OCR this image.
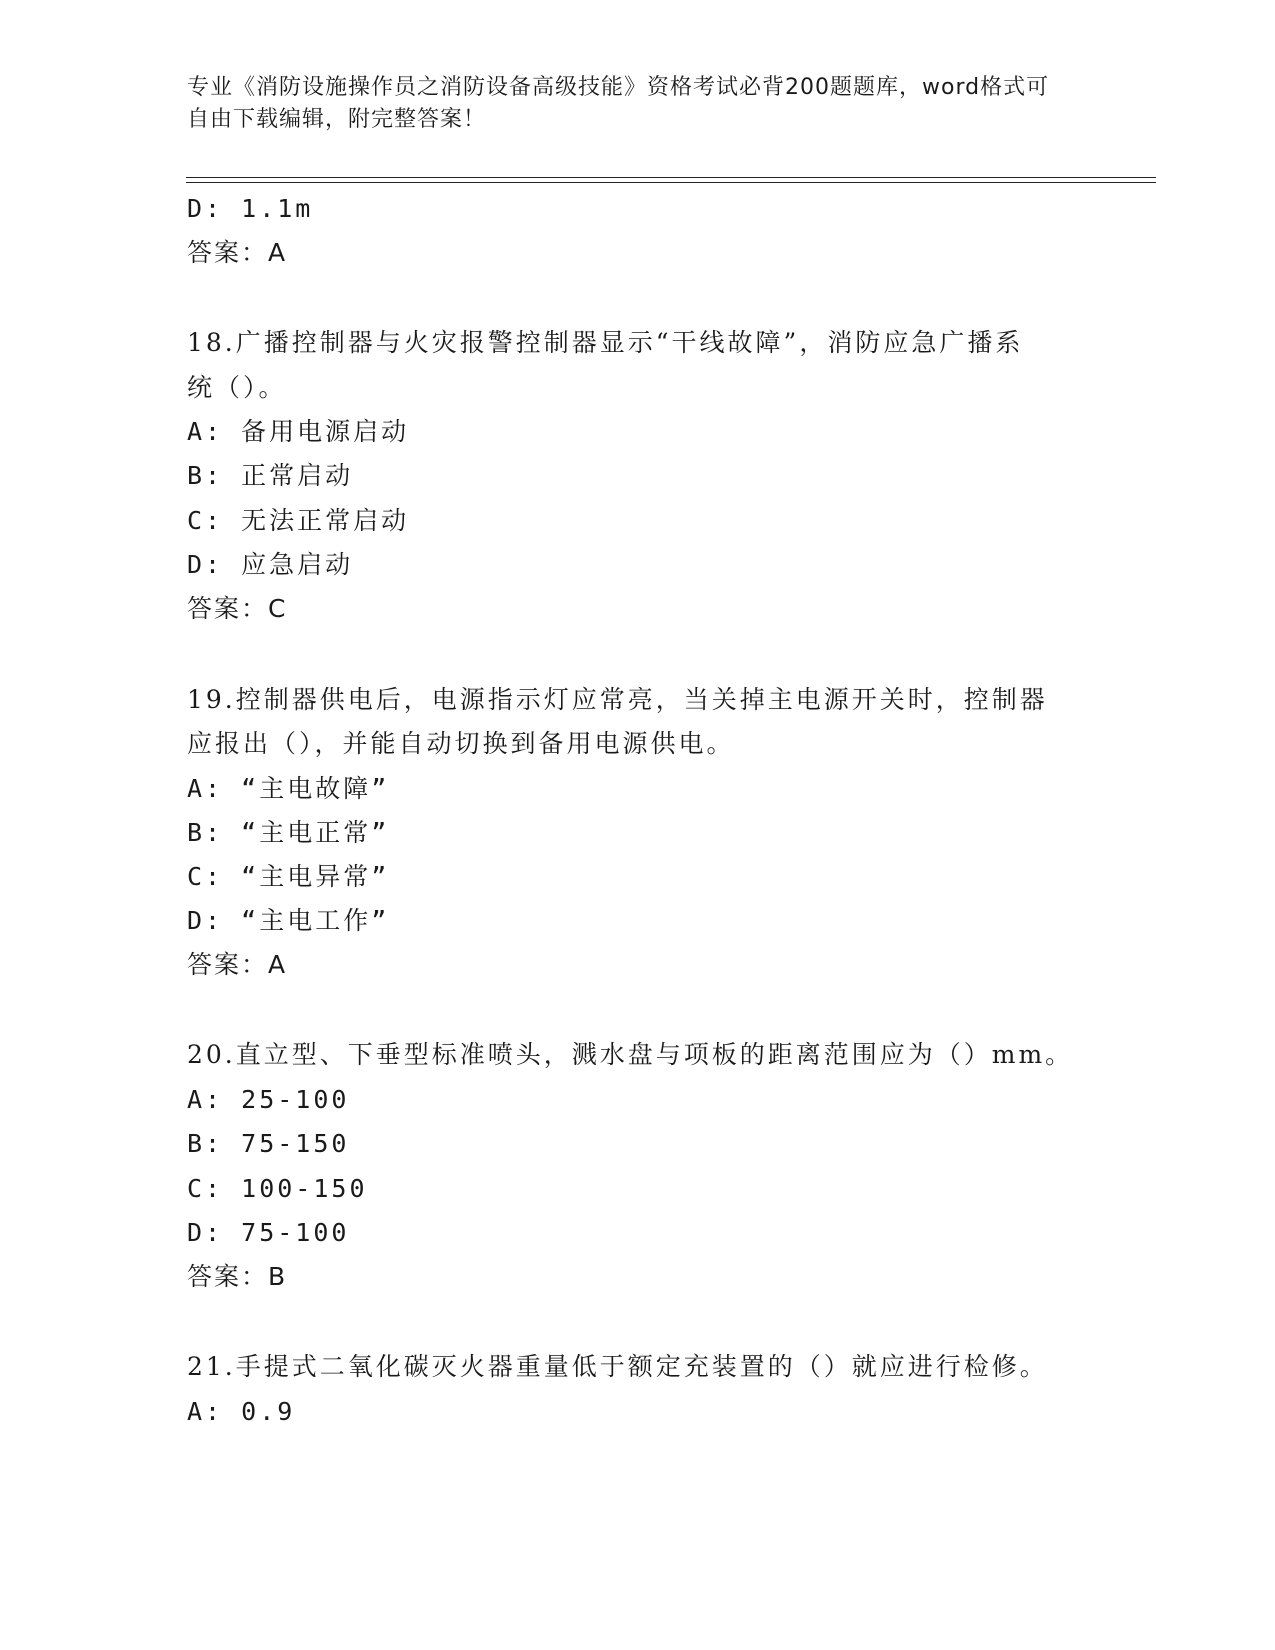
专业《消防设施操作员之消防设备高级技能》资格考试必背200题题库，word格式可自由下载编辑，附完整答案！
D: 1.1m
答案：A
18.广播控制器与火灾报警控制器显示“干线故障”，消防应急广播系
统（）。
A: 备用电源启动
B: 正常启动
C: 无法正常启动
D: 应急启动
答案：C
19.控制器供电后，电源指示灯应常亮，当关掉主电源开关时，控制器
应报出（），并能自动切换到备用电源供电。
A: “主电故障”
B: “主电正常”
C: “主电异常”
D: “主电工作”
答案：A
20.直立型、下垂型标准喷头，溅水盘与项板的距离范围应为（）mm。
A: 25-100
B: 75-150
C: 100-150
D: 75-100
答案：B
21.手提式二氧化碳灭火器重量低于额定充装置的（）就应进行检修。
A: 0.9
